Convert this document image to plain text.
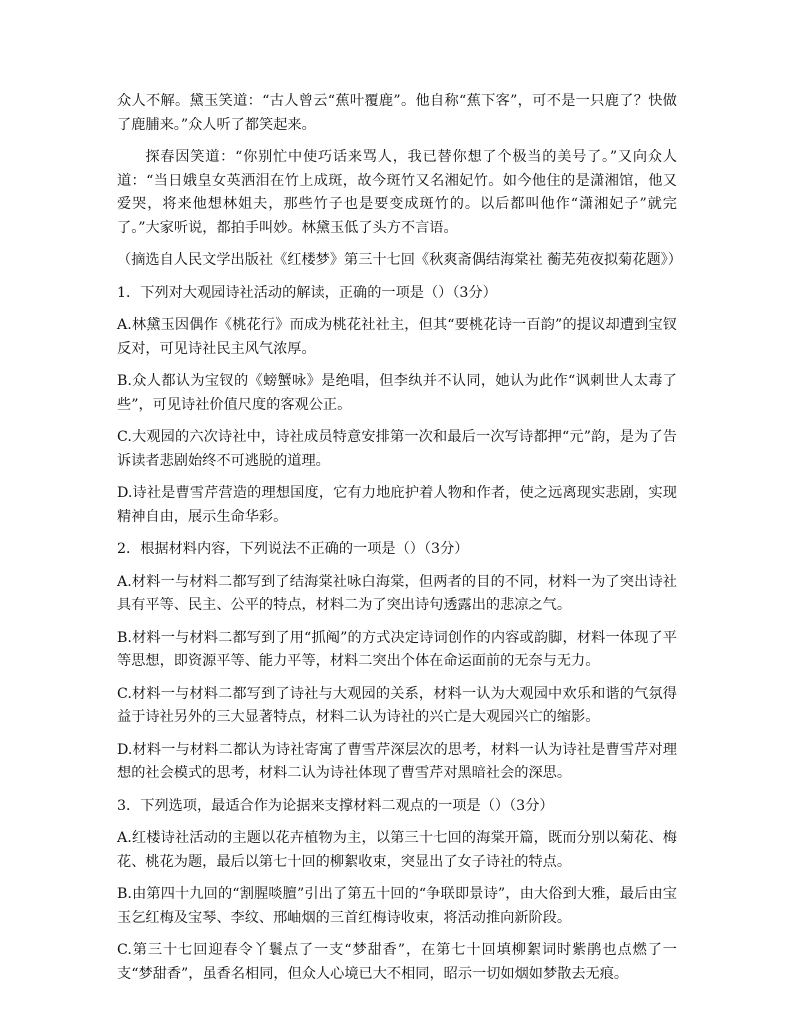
众人不解。黛玉笑道：“古人曾云“蕉叶覆鹿”。他自称“蕉下客”，可不是一只鹿了？快做了鹿脯来。”众人听了都笑起来。

探春因笑道：“你别忙中使巧话来骂人，我已替你想了个极当的美号了。”又向众人道：“当日娥皇女英洒泪在竹上成斑，故今斑竹又名湘妃竹。如今他住的是潇湘馆，他又爱哭，将来他想林姐夫，那些竹子也是要变成斑竹的。以后都叫他作“潇湘妃子”就完了。”大家听说，都拍手叫妙。林黛玉低了头方不言语。

（摘选自人民文学出版社《红楼梦》第三十七回《秋爽斋偶结海棠社 蘅芜苑夜拟菊花题》）

1．下列对大观园诗社活动的解读，正确的一项是（）（3分）

A.林黛玉因偶作《桃花行》而成为桃花社社主，但其“要桃花诗一百韵”的提议却遭到宝钗反对，可见诗社民主风气浓厚。

B.众人都认为宝钗的《螃蟹咏》是绝唱，但李纨并不认同，她认为此作“讽刺世人太毒了些”，可见诗社价值尺度的客观公正。

C.大观园的六次诗社中，诗社成员特意安排第一次和最后一次写诗都押“元”韵，是为了告诉读者悲剧始终不可逃脱的道理。

D.诗社是曹雪芹营造的理想国度，它有力地庇护着人物和作者，使之远离现实悲剧，实现精神自由，展示生命华彩。

2．根据材料内容，下列说法不正确的一项是（）（3分）

A.材料一与材料二都写到了结海棠社咏白海棠，但两者的目的不同，材料一为了突出诗社具有平等、民主、公平的特点，材料二为了突出诗句透露出的悲凉之气。

B.材料一与材料二都写到了用“抓阄”的方式决定诗词创作的内容或韵脚，材料一体现了平等思想，即资源平等、能力平等，材料二突出个体在命运面前的无奈与无力。

C.材料一与材料二都写到了诗社与大观园的关系，材料一认为大观园中欢乐和谐的气氛得益于诗社另外的三大显著特点，材料二认为诗社的兴亡是大观园兴亡的缩影。

D.材料一与材料二都认为诗社寄寓了曹雪芹深层次的思考，材料一认为诗社是曹雪芹对理想的社会模式的思考，材料二认为诗社体现了曹雪芹对黑暗社会的深思。

3．下列选项，最适合作为论据来支撑材料二观点的一项是（）（3分）

A.红楼诗社活动的主题以花卉植物为主，以第三十七回的海棠开篇，既而分别以菊花、梅花、桃花为题，最后以第七十回的柳絮收束，突显出了女子诗社的特点。

B.由第四十九回的“割腥啖膻”引出了第五十回的“争联即景诗”，由大俗到大雅，最后由宝玉乞红梅及宝琴、李纹、邢岫烟的三首红梅诗收束，将活动推向新阶段。

C.第三十七回迎春令丫鬟点了一支“梦甜香”，在第七十回填柳絮词时紫鹃也点燃了一支“梦甜香”，虽香名相同，但众人心境已大不相同，昭示一切如烟如梦散去无痕。
